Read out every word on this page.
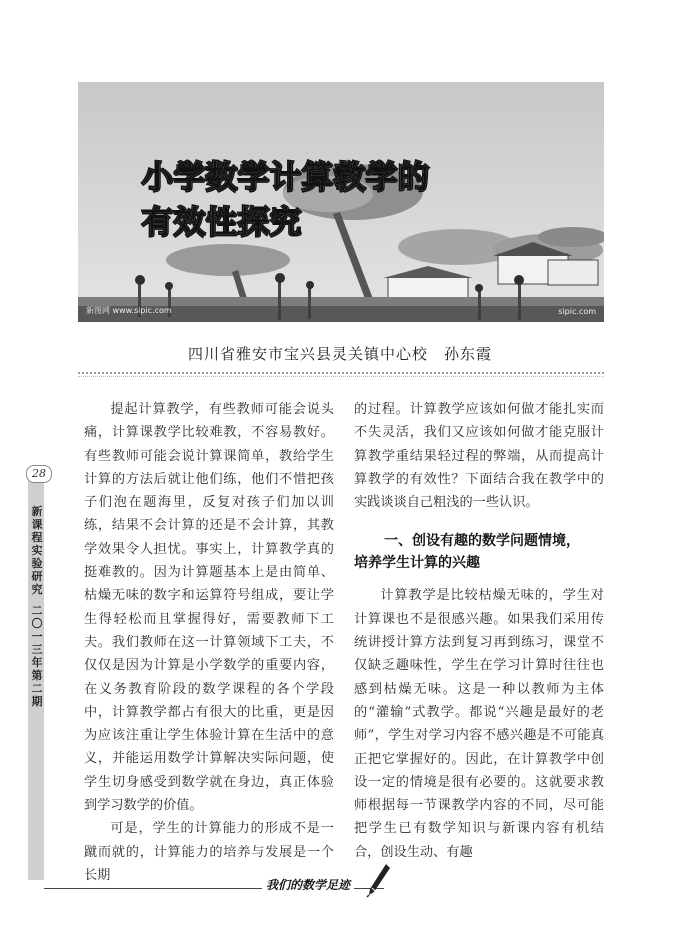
小学数学计算教学的
有效性探究
新图网 www.sipic.com	sipic.com
四川省雅安市宝兴县灵关镇中心校　孙东霞
28
新课程实验研究
二〇一三年 第二期

提起计算教学，有些教师可能会说头痛，计算课教学比较难教，不容易教好。有些教师可能会说计算课简单，教给学生计算的方法后就让他们练，他们不惜把孩子们泡在题海里，反复对孩子们加以训练，结果不会计算的还是不会计算，其教学效果令人担忧。事实上，计算教学真的挺难教的。因为计算题基本上是由简单、枯燥无味的数字和运算符号组成，要让学生得轻松而且掌握得好，需要教师下工夫。我们教师在这一计算领域下工夫，不仅仅是因为计算是小学数学的重要内容，在义务教育阶段的数学课程的各个学段中，计算教学都占有很大的比重，更是因为应该注重让学生体验计算在生活中的意义，并能运用数学计算解决实际问题，使学生切身感受到数学就在身边，真正体验到学习数学的价值。

可是，学生的计算能力的形成不是一蹴而就的，计算能力的培养与发展是一个长期

的过程。计算教学应该如何做才能扎实而不失灵活，我们又应该如何做才能克服计算教学重结果轻过程的弊端，从而提高计算教学的有效性？下面结合我在教学中的实践谈谈自己粗浅的一些认识。

一、创设有趣的数学问题情境，
培养学生计算的兴趣

计算教学是比较枯燥无味的，学生对计算课也不是很感兴趣。如果我们采用传统讲授计算方法到复习再到练习，课堂不仅缺乏趣味性，学生在学习计算时往往也感到枯燥无味。这是一种以教师为主体的“灌输”式教学。都说“兴趣是最好的老师”，学生对学习内容不感兴趣是不可能真正把它掌握好的。因此，在计算教学中创设一定的情境是很有必要的。这就要求教师根据每一节课教学内容的不同，尽可能把学生已有数学知识与新课内容有机结合，创设生动、有趣

我们的数学足迹
